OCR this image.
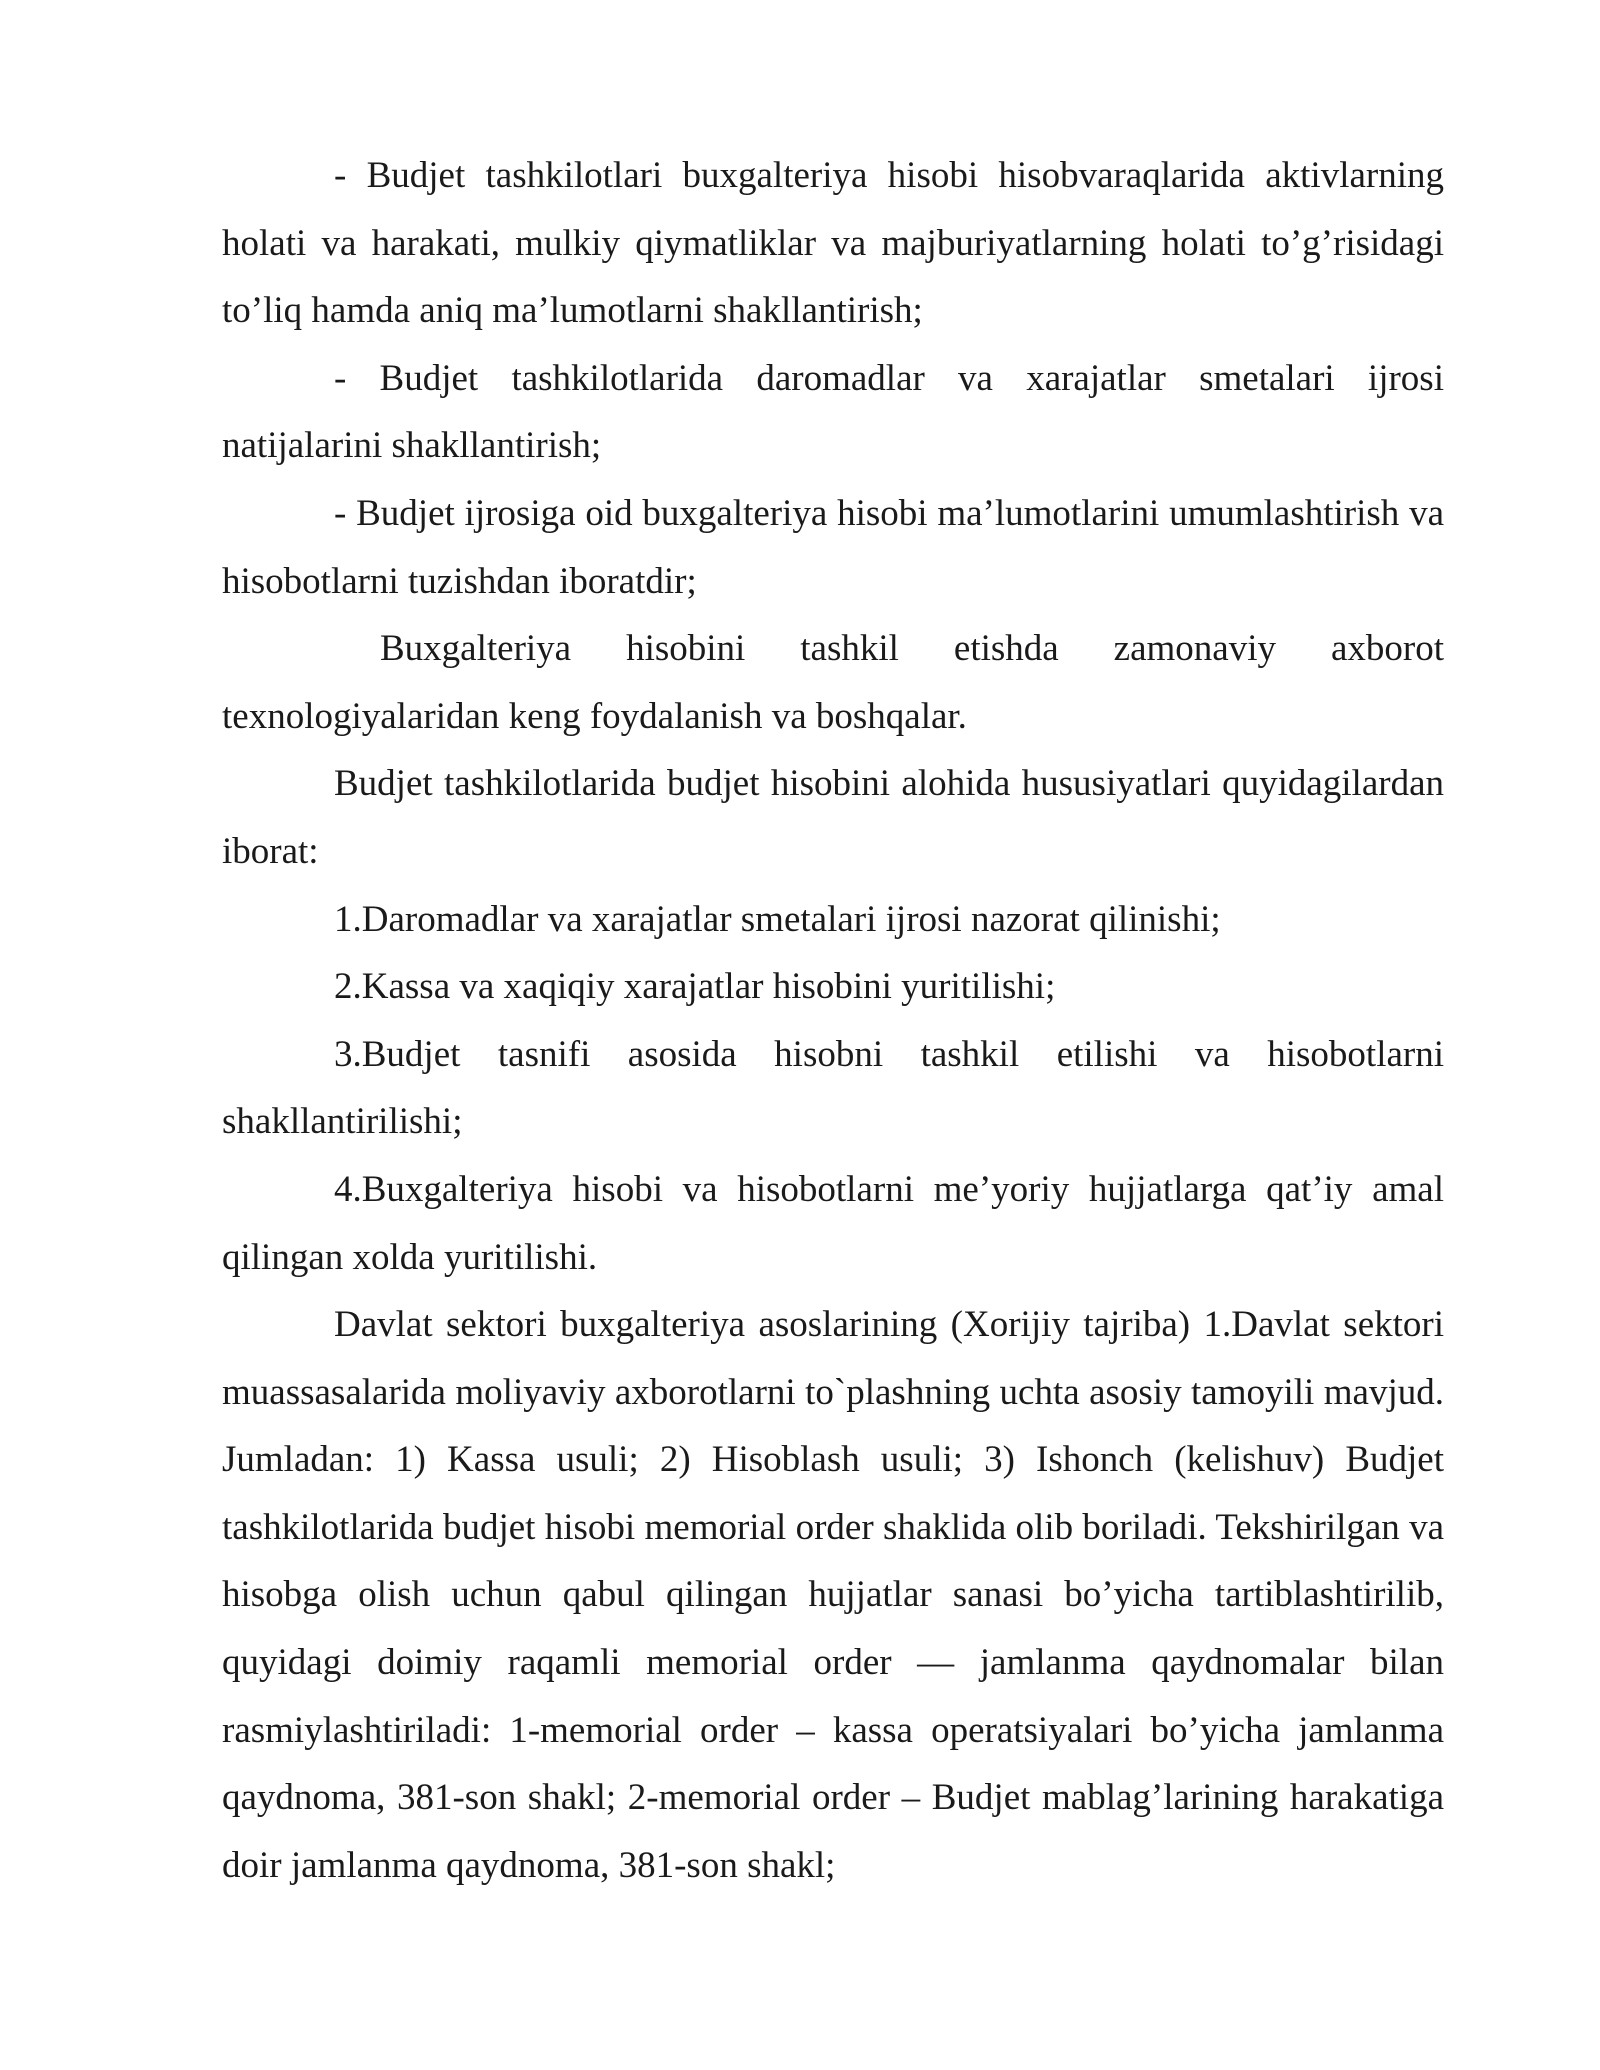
- Budjet tashkilotlari buxgalteriya hisobi hisobvaraqlarida aktivlarning holati va harakati, mulkiy qiymatliklar va majburiyatlarning holati to’g’risidagi to’liq hamda aniq ma’lumotlarni shakllantirish;

- Budjet tashkilotlarida daromadlar va xarajatlar smetalari ijrosi natijalarini shakllantirish;

- Budjet ijrosiga oid buxgalteriya hisobi ma’lumotlarini umumlashtirish va hisobotlarni tuzishdan iboratdir;

Buxgalteriya hisobini tashkil etishda zamonaviy axborot texnologiyalaridan keng foydalanish va boshqalar.

Budjet tashkilotlarida budjet hisobini alohida hususiyatlari quyidagilardan iborat:

1.Daromadlar va xarajatlar smetalari ijrosi nazorat qilinishi;

2.Kassa va xaqiqiy xarajatlar hisobini yuritilishi;

3.Budjet tasnifi asosida hisobni tashkil etilishi va hisobotlarni shakllantirilishi;

4.Buxgalteriya hisobi va hisobotlarni me’yoriy hujjatlarga qat’iy amal qilingan xolda yuritilishi.

Davlat sektori buxgalteriya asoslarining (Xorijiy tajriba) 1.Davlat sektori muassasalarida moliyaviy axborotlarni to`plashning uchta asosiy tamoyili mavjud. Jumladan: 1) Kassa usuli; 2) Hisoblash usuli; 3) Ishonch (kelishuv) Budjet tashkilotlarida budjet hisobi memorial order shaklida olib boriladi. Tekshirilgan va hisobga olish uchun qabul qilingan hujjatlar sanasi bo’yicha tartiblashtirilib, quyidagi doimiy raqamli memorial order — jamlanma qaydnomalar bilan rasmiylashtiriladi: 1-memorial order – kassa operatsiyalari bo’yicha jamlanma qaydnoma, 381-son shakl; 2-memorial order – Budjet mablag’larining harakatiga doir jamlanma qaydnoma, 381-son shakl;
